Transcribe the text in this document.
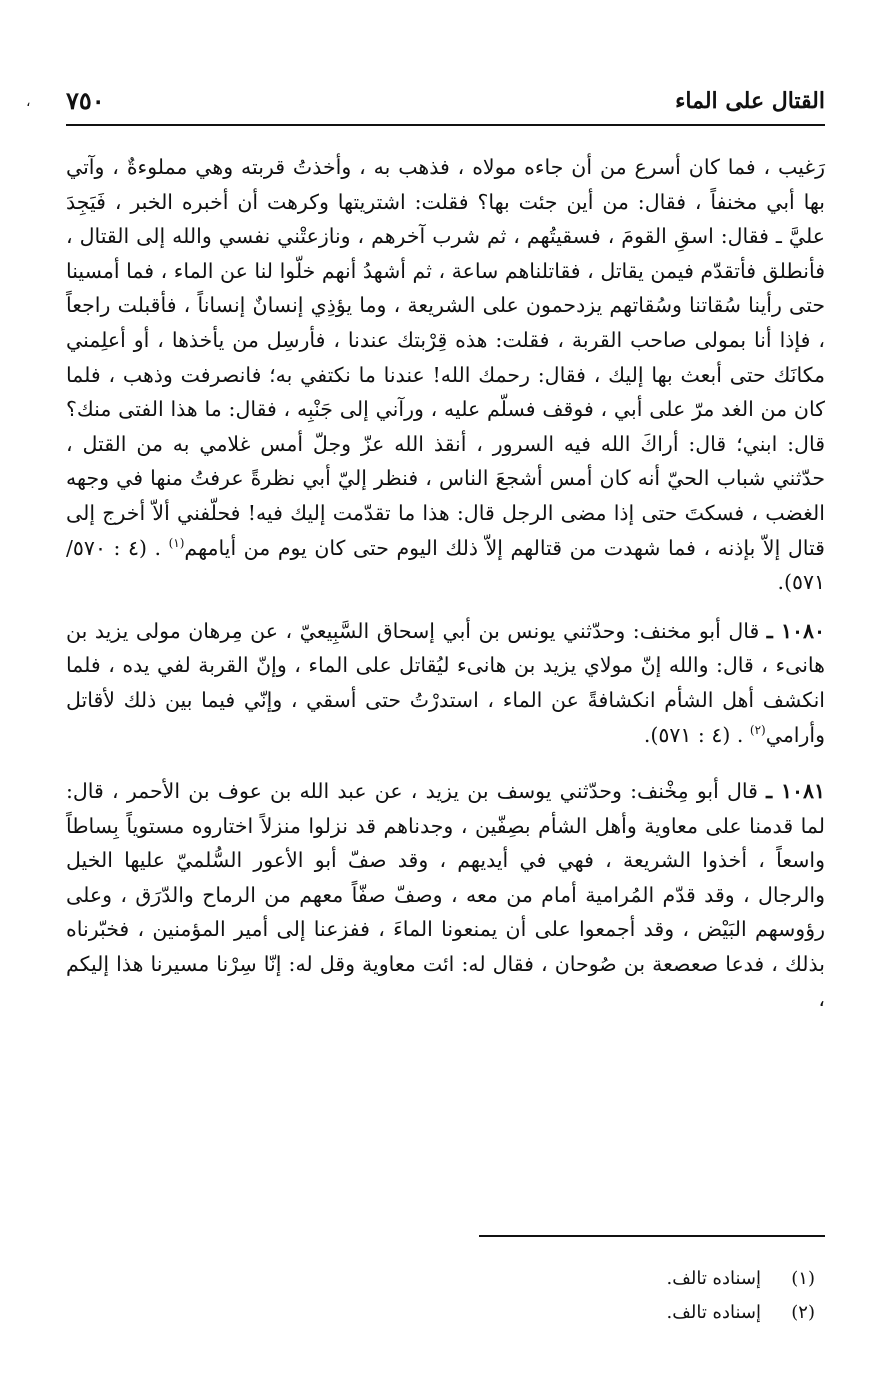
،	القتال على الماء
٧٥٠

رَغيب ، فما كان أسرع من أن جاءه مولاه ، فذهب به ، وأخذتُ قربته وهي مملوءةٌ ، وآتي بها أبي مخنفاً ، فقال: من أين جئت بها؟ فقلت: اشتريتها وكرهت أن أخبره الخبر ، فَيَجِدَ عليَّ ـ فقال: اسقِ القومَ ، فسقيتُهم ، ثم شرب آخرهم ، ونازعتْني نفسي والله إلى القتال ، فأنطلق فأتقدّم فيمن يقاتل ، فقاتلناهم ساعة ، ثم أشهدُ أنهم خلّوا لنا عن الماء ، فما أمسينا حتى رأينا سُقاتنا وسُقاتهم يزدحمون على الشريعة ، وما يؤذِي إنسانٌ إنساناً ، فأقبلت راجعاً ، فإذا أنا بمولى صاحب القربة ، فقلت: هذه قِرْبتك عندنا ، فأرسِل من يأخذها ، أو أعلِمني مكانَك حتى أبعث بها إليك ، فقال: رحمك الله! عندنا ما نكتفي به؛ فانصرفت وذهب ، فلما كان من الغد مرّ على أبي ، فوقف فسلّم عليه ، ورآني إلى جَنْبِه ، فقال: ما هذا الفتى منك؟ قال: ابني؛ قال: أراكَ الله فيه السرور ، أنقذ الله عزّ وجلّ أمس غلامي به من القتل ، حدّثني شباب الحيّ أنه كان أمس أشجعَ الناس ، فنظر إليّ أبي نظرةً عرفتُ منها في وجهه الغضب ، فسكتَ حتى إذا مضى الرجل قال: هذا ما تقدّمت إليك فيه! فحلّفني ألاّ أخرج إلى قتال إلاّ بإذنه ، فما شهدت من قتالهم إلاّ ذلك اليوم حتى كان يوم من أيامهم$^{(١)}$ . (٤ : ٥٧٠/ ٥٧١).

١٠٨٠ ـ قال أبو مخنف: وحدّثني يونس بن أبي إسحاق السَّبِيعيّ ، عن مِرهان مولى يزيد بن هانىء ، قال: والله إنّ مولاي يزيد بن هانىء ليُقاتل على الماء ، وإنّ القربة لفي يده ، فلما انكشف أهل الشأم انكشافةً عن الماء ، استدرْتُ حتى أسقي ، وإنّي فيما بين ذلك لأقاتل وأرامي$^{(٢)}$ . (٤ : ٥٧١).

١٠٨١ ـ قال أبو مِخْنف: وحدّثني يوسف بن يزيد ، عن عبد الله بن عوف بن الأحمر ، قال: لما قدمنا على معاوية وأهل الشأم بصِفّين ، وجدناهم قد نزلوا منزلاً اختاروه مستوياً بِساطاً واسعاً ، أخذوا الشريعة ، فهي في أيديهم ، وقد صفّ أبو الأعور السُّلميّ عليها الخيل والرجال ، وقد قدّم المُرامية أمام من معه ، وصفّ صفّاً معهم من الرماح والدّرَق ، وعلى رؤوسهم البَيْض ، وقد أجمعوا على أن يمنعونا الماءَ ، ففزعنا إلى أمير المؤمنين ، فخبّرناه بذلك ، فدعا صعصعة بن صُوحان ، فقال له: ائت معاوية وقل له: إنّا سِرْنا مسيرنا هذا إليكم ،

(١)
إسناده تالف.
(٢)
إسناده تالف.
